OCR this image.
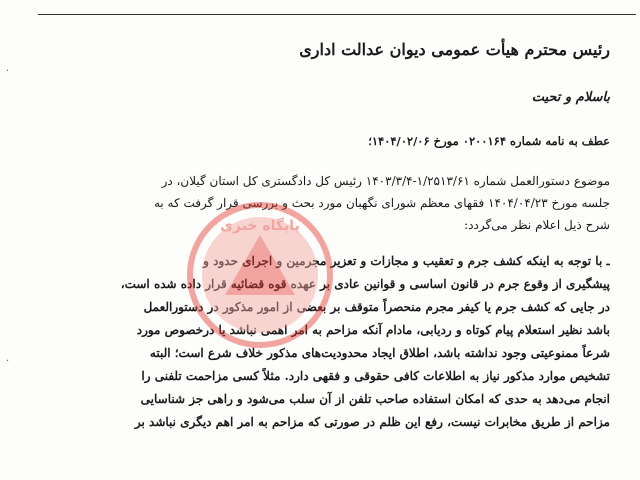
·
·
رئیس محترم هیأت عمومی دیوان عدالت اداری
باسلام و تحیت
عطف به نامه شماره ۰۲۰۰۱۶۴ مورخ ۱۴۰۴/۰۲/۰۶؛
موضوع دستورالعمل شماره ۱/۲۵۱۳/۶۱-۱۴۰۳/۳/۴ رئیس کل دادگستری کل استان گیلان، در
جلسه مورخ ۱۴۰۴/۰۴/۲۳ فقهای معظم شورای نگهبان مورد بحث و بررسی قرار گرفت که به
شرح ذیل اعلام نظر می‌گردد:
ـ با توجه به اینکه کشف جرم و تعقیب و مجازات و تعزیر مجرمین و اجرای حدود و
پیشگیری از وقوع جرم در قانون اساسی و قوانین عادی بر عهده قوه قضائیه قرار داده شده است،
در جایی که کشف جرم یا کیفر مجرم منحصراً متوقف بر بعضی از امور مذکور در دستورالعمل
باشد نظیر استعلام پیام کوتاه و ردیابی، مادام آنکه مزاحم به امر اهمی نباشد یا درخصوص مورد
شرعاً ممنوعیتی وجود نداشته باشد، اطلاق ایجاد محدودیت‌های مذکور خلاف شرع است؛ البته
تشخیص موارد مذکور نیاز به اطلاعات کافی حقوقی و فقهی دارد. مثلاً کسی مزاحمت تلفنی را
انجام می‌دهد به حدی که امکان استفاده صاحب تلفن از آن سلب می‌شود و راهی جز شناسایی
مزاحم از طریق مخابرات نیست، رفع این ظلم در صورتی که مزاحم به امر اهم دیگری نباشد بر
پایگاه خبری
